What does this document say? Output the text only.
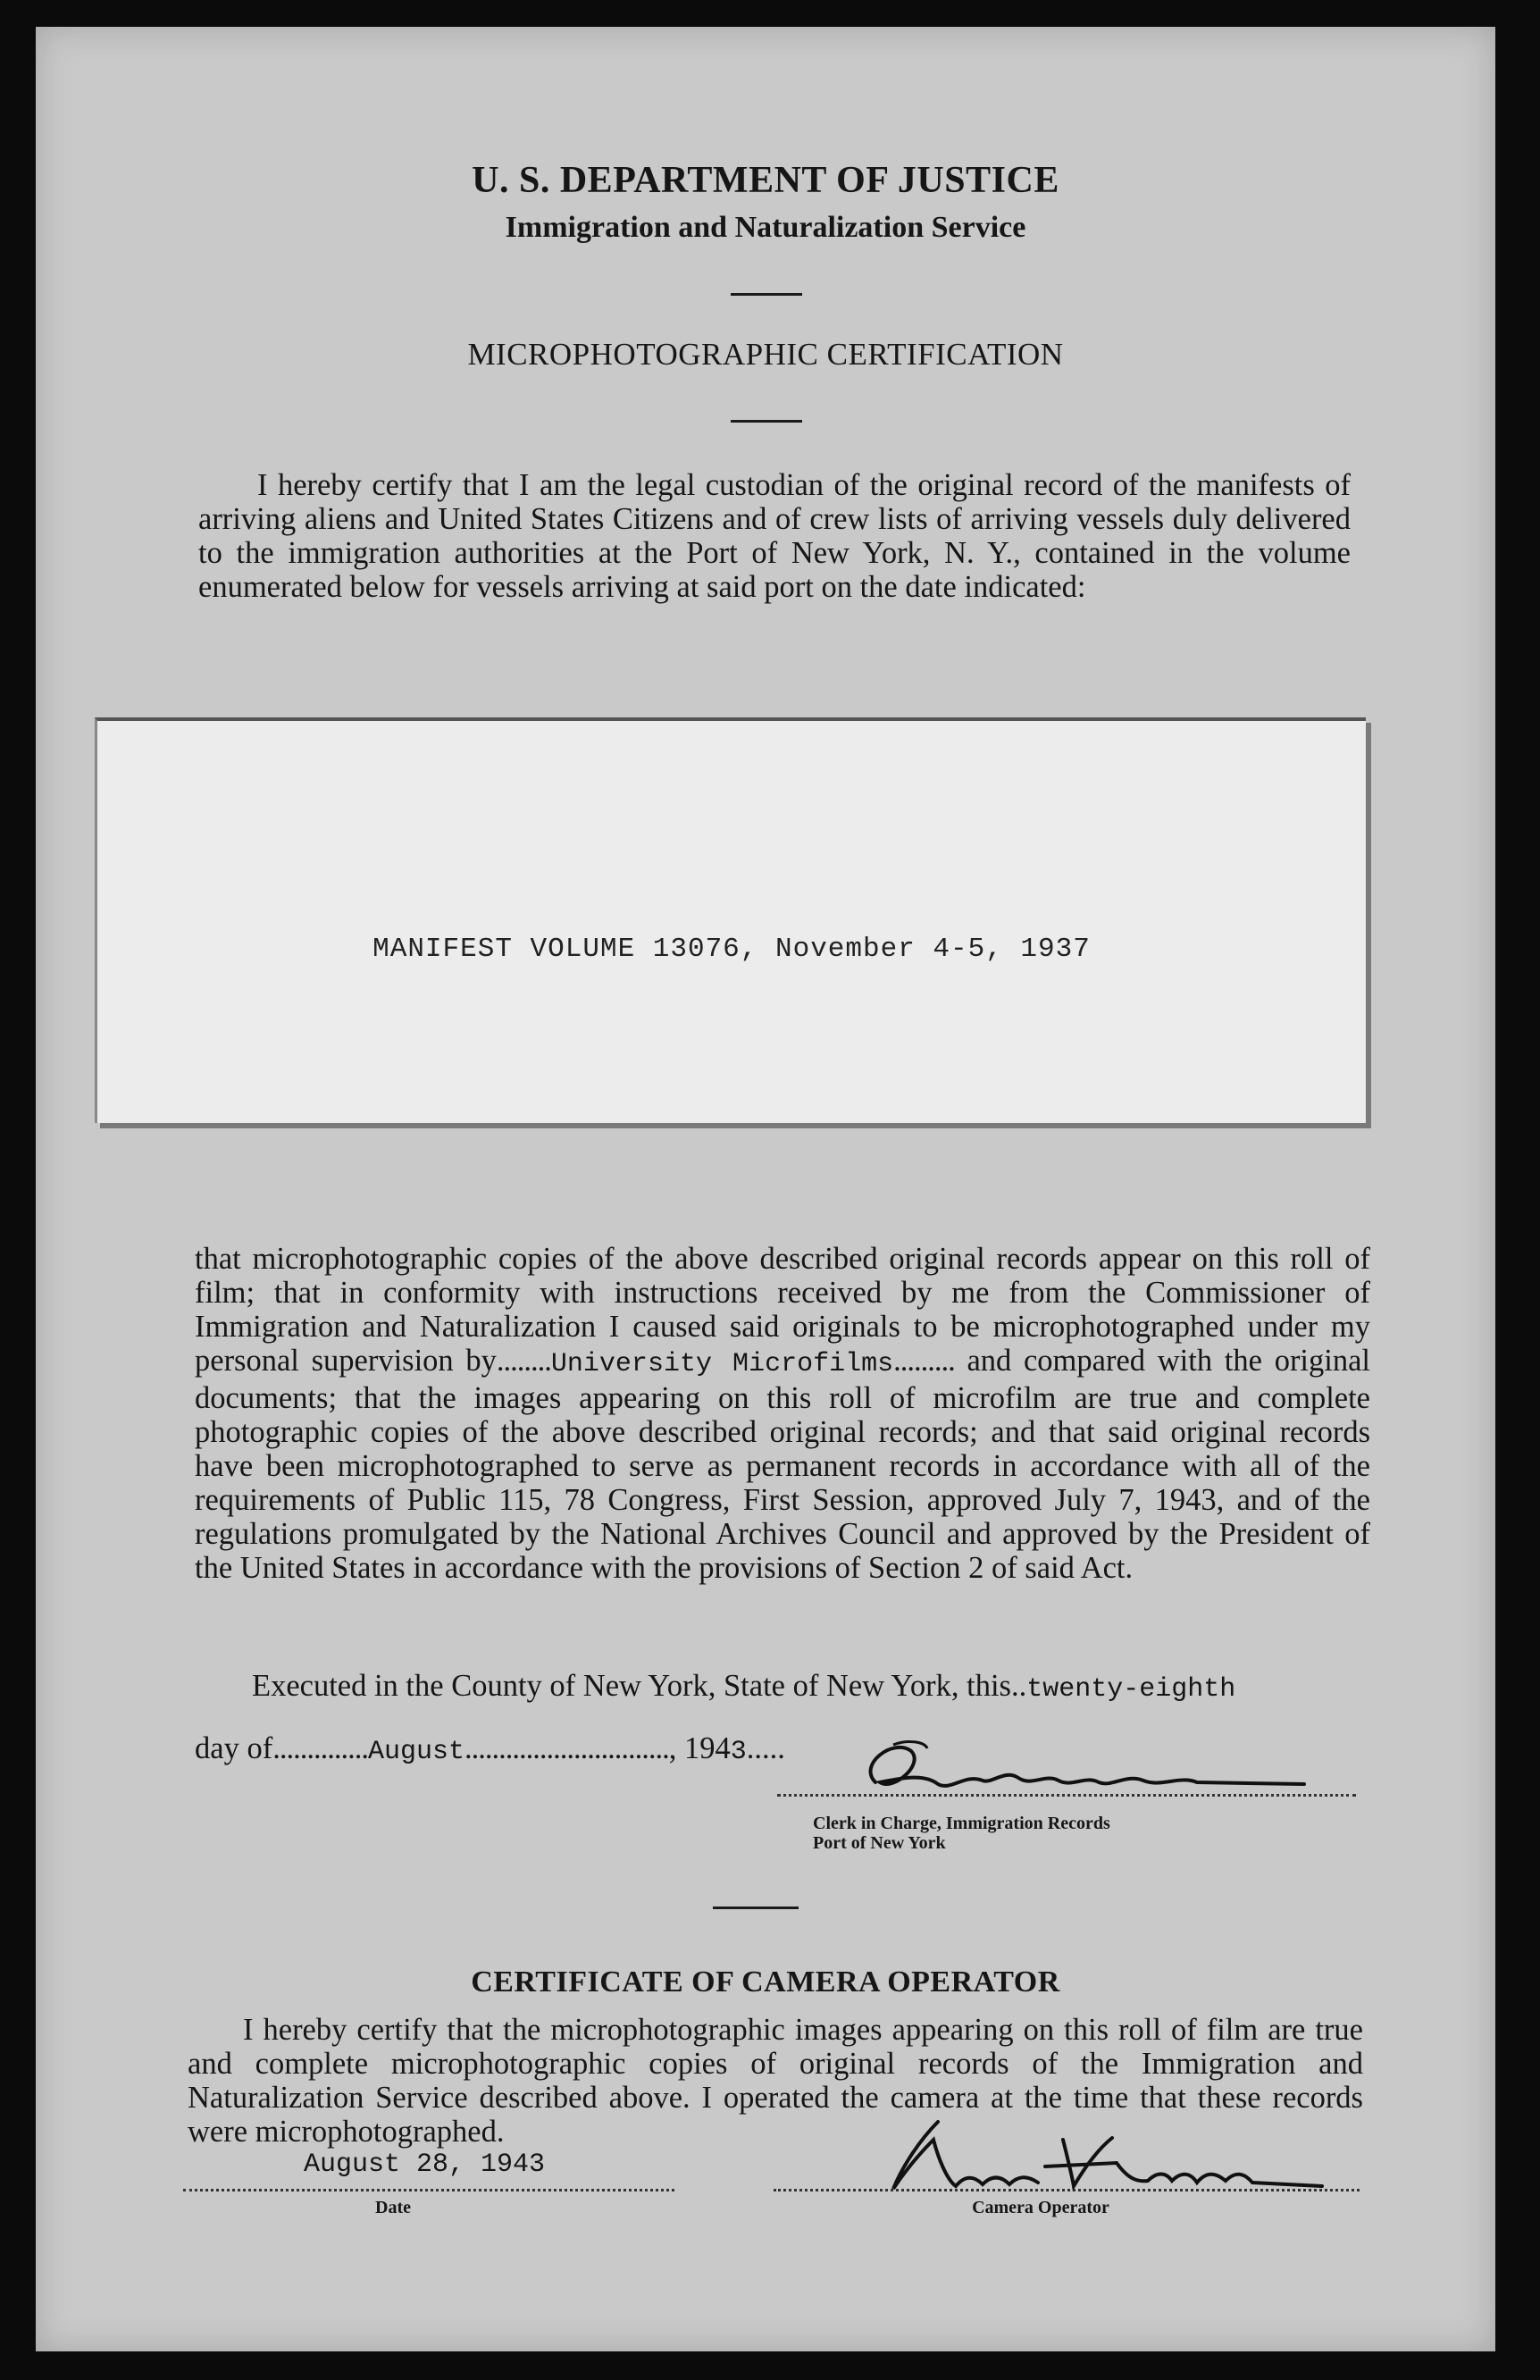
U. S. DEPARTMENT OF JUSTICE
Immigration and Naturalization Service
MICROPHOTOGRAPHIC CERTIFICATION
I hereby certify that I am the legal custodian of the original record of the manifests of arriving aliens and United States Citizens and of crew lists of arriving vessels duly delivered to the immigration authorities at the Port of New York, N. Y., contained in the volume enumerated below for vessels arriving at said port on the date indicated:
MANIFEST VOLUME 13076, November 4-5, 1937
that microphotographic copies of the above described original records appear on this roll of film; that in conformity with instructions received by me from the Commissioner of Immigration and Naturalization I caused said originals to be microphotographed under my personal supervision by........University Microfilms......... and compared with the original documents; that the images appearing on this roll of microfilm are true and complete photographic copies of the above described original records; and that said original records have been microphotographed to serve as permanent records in accordance with all of the requirements of Public 115, 78 Congress, First Session, approved July 7, 1943, and of the regulations promulgated by the National Archives Council and approved by the President of the United States in accordance with the provisions of Section 2 of said Act.
Executed in the County of New York, State of New York, this..twenty-eighth
day of..............August.............................., 1943.....
Clerk in Charge, Immigration Records
Port of New York
CERTIFICATE OF CAMERA OPERATOR
I hereby certify that the microphotographic images appearing on this roll of film are true and complete microphotographic copies of original records of the Immigration and Naturalization Service described above. I operated the camera at the time that these records were microphotographed.
August 28, 1943
Date	Camera Operator
